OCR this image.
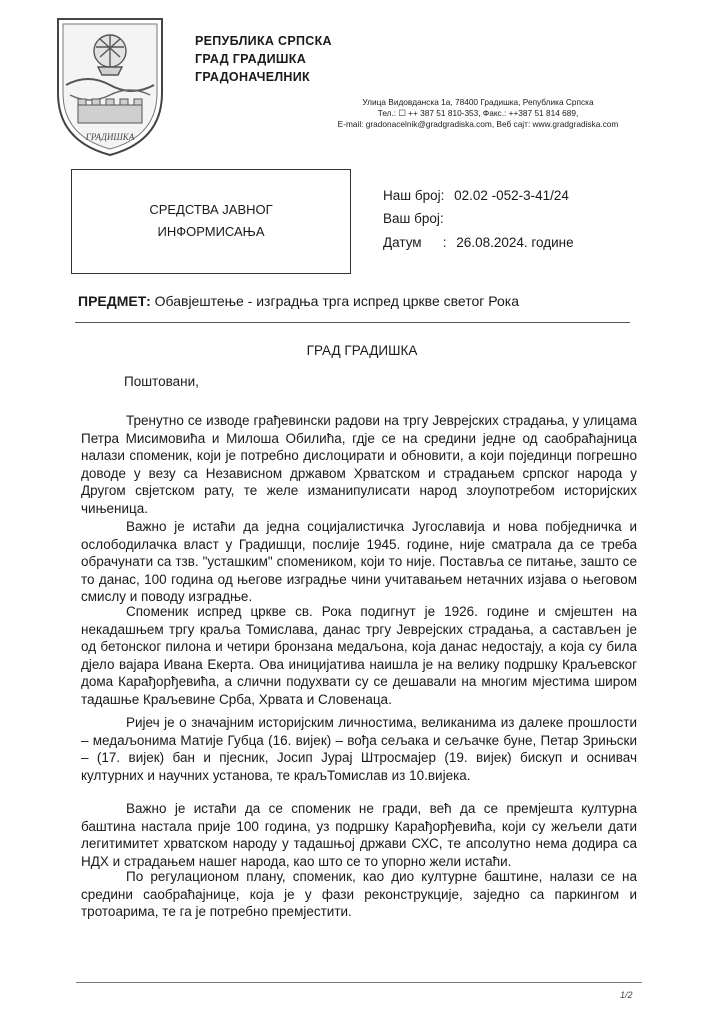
ГРАДИШКА
РЕПУБЛИКА СРПСКА
ГРАД ГРАДИШКА
ГРАДОНАЧЕЛНИК
Улица Видовданска 1а, 78400 Градишка, Република Српска
Тел.: ☐ ++ 387 51 810-353, Факс.: ++387 51 814 689,
E-mail: gradonacelnik@gradgradiska.com, Веб сајт: www.gradgradiska.com
СРЕДСТВА ЈАВНОГ
ИНФОРМИСАЊА
Наш број: 02.02 -052-3-41/24
Ваш број:
Датум : 26.08.2024. године
ПРЕДМЕТ: Обавјештење - изградња трга испред цркве светог Рока
ГРАД ГРАДИШКА
Поштовани,

Тренутно се изводе грађевински радови на тргу Јеврејских страдања, у улицама Петра Мисимовића и Милоша Обилића, гдје се на средини једне од саобраћајница налази споменик, који је потребно дислоцирати и обновити, а који појединци погрешно доводе у везу са Независном државом Хрватском и страдањем српског народа у Другом свјетском рату, те желе изманипулисати народ злоупотребом историјских чињеница.

Важно је истаћи да једна социјалистичка Југославија и нова побједничка и ослободилачка власт у Градишци, послије 1945. године, није сматрала да се треба обрачунати са тзв. "усташким" спомеником, који то није. Поставља се питање, зашто се то данас, 100 година од његове изградње чини учитавањем нетачних изјава о његовом смислу и поводу изградње.

Споменик испред цркве св. Рока подигнут је 1926. године и смјештен на некадашњем тргу краља Томислава, данас тргу Јеврејских страдања, а састављен је од бетонског пилона и четири бронзана медаљона, која данас недостају, а која су била дјело вајара Ивана Екерта. Ова иницијатива наишла је на велику подршку Краљевског дома Карађорђевића, а слични подухвати су се дешавали на многим мјестима широм тадашње Краљевине Срба, Хрвата и Словенаца.

Ријеч је о значајним историјским личностима, великанима из далеке прошлости – медаљонима Матије Губца (16. вијек) – вођа сељака и сељачке буне, Петар Зрињски – (17. вијек) бан и пјесник, Јосип Јурај Штросмајер (19. вијек) бискуп и оснивач културних и научних установа, те краљТомислав из 10.вијека.

Важно је истаћи да се споменик не гради, већ да се премјешта културна баштина настала прије 100 година, уз подршку Карађорђевића, који су жељели дати легитимитет хрватском народу у тадашњој држави СХС, те апсолутно нема додира са НДХ и страдањем нашег народа, као што се то упорно жели истаћи.

По регулационом плану, споменик, као дио културне баштине, налази се на средини саобраћајнице, која је у фази реконструкције, заједно са паркингом и тротоарима, те га је потребно премјестити.

1/2
